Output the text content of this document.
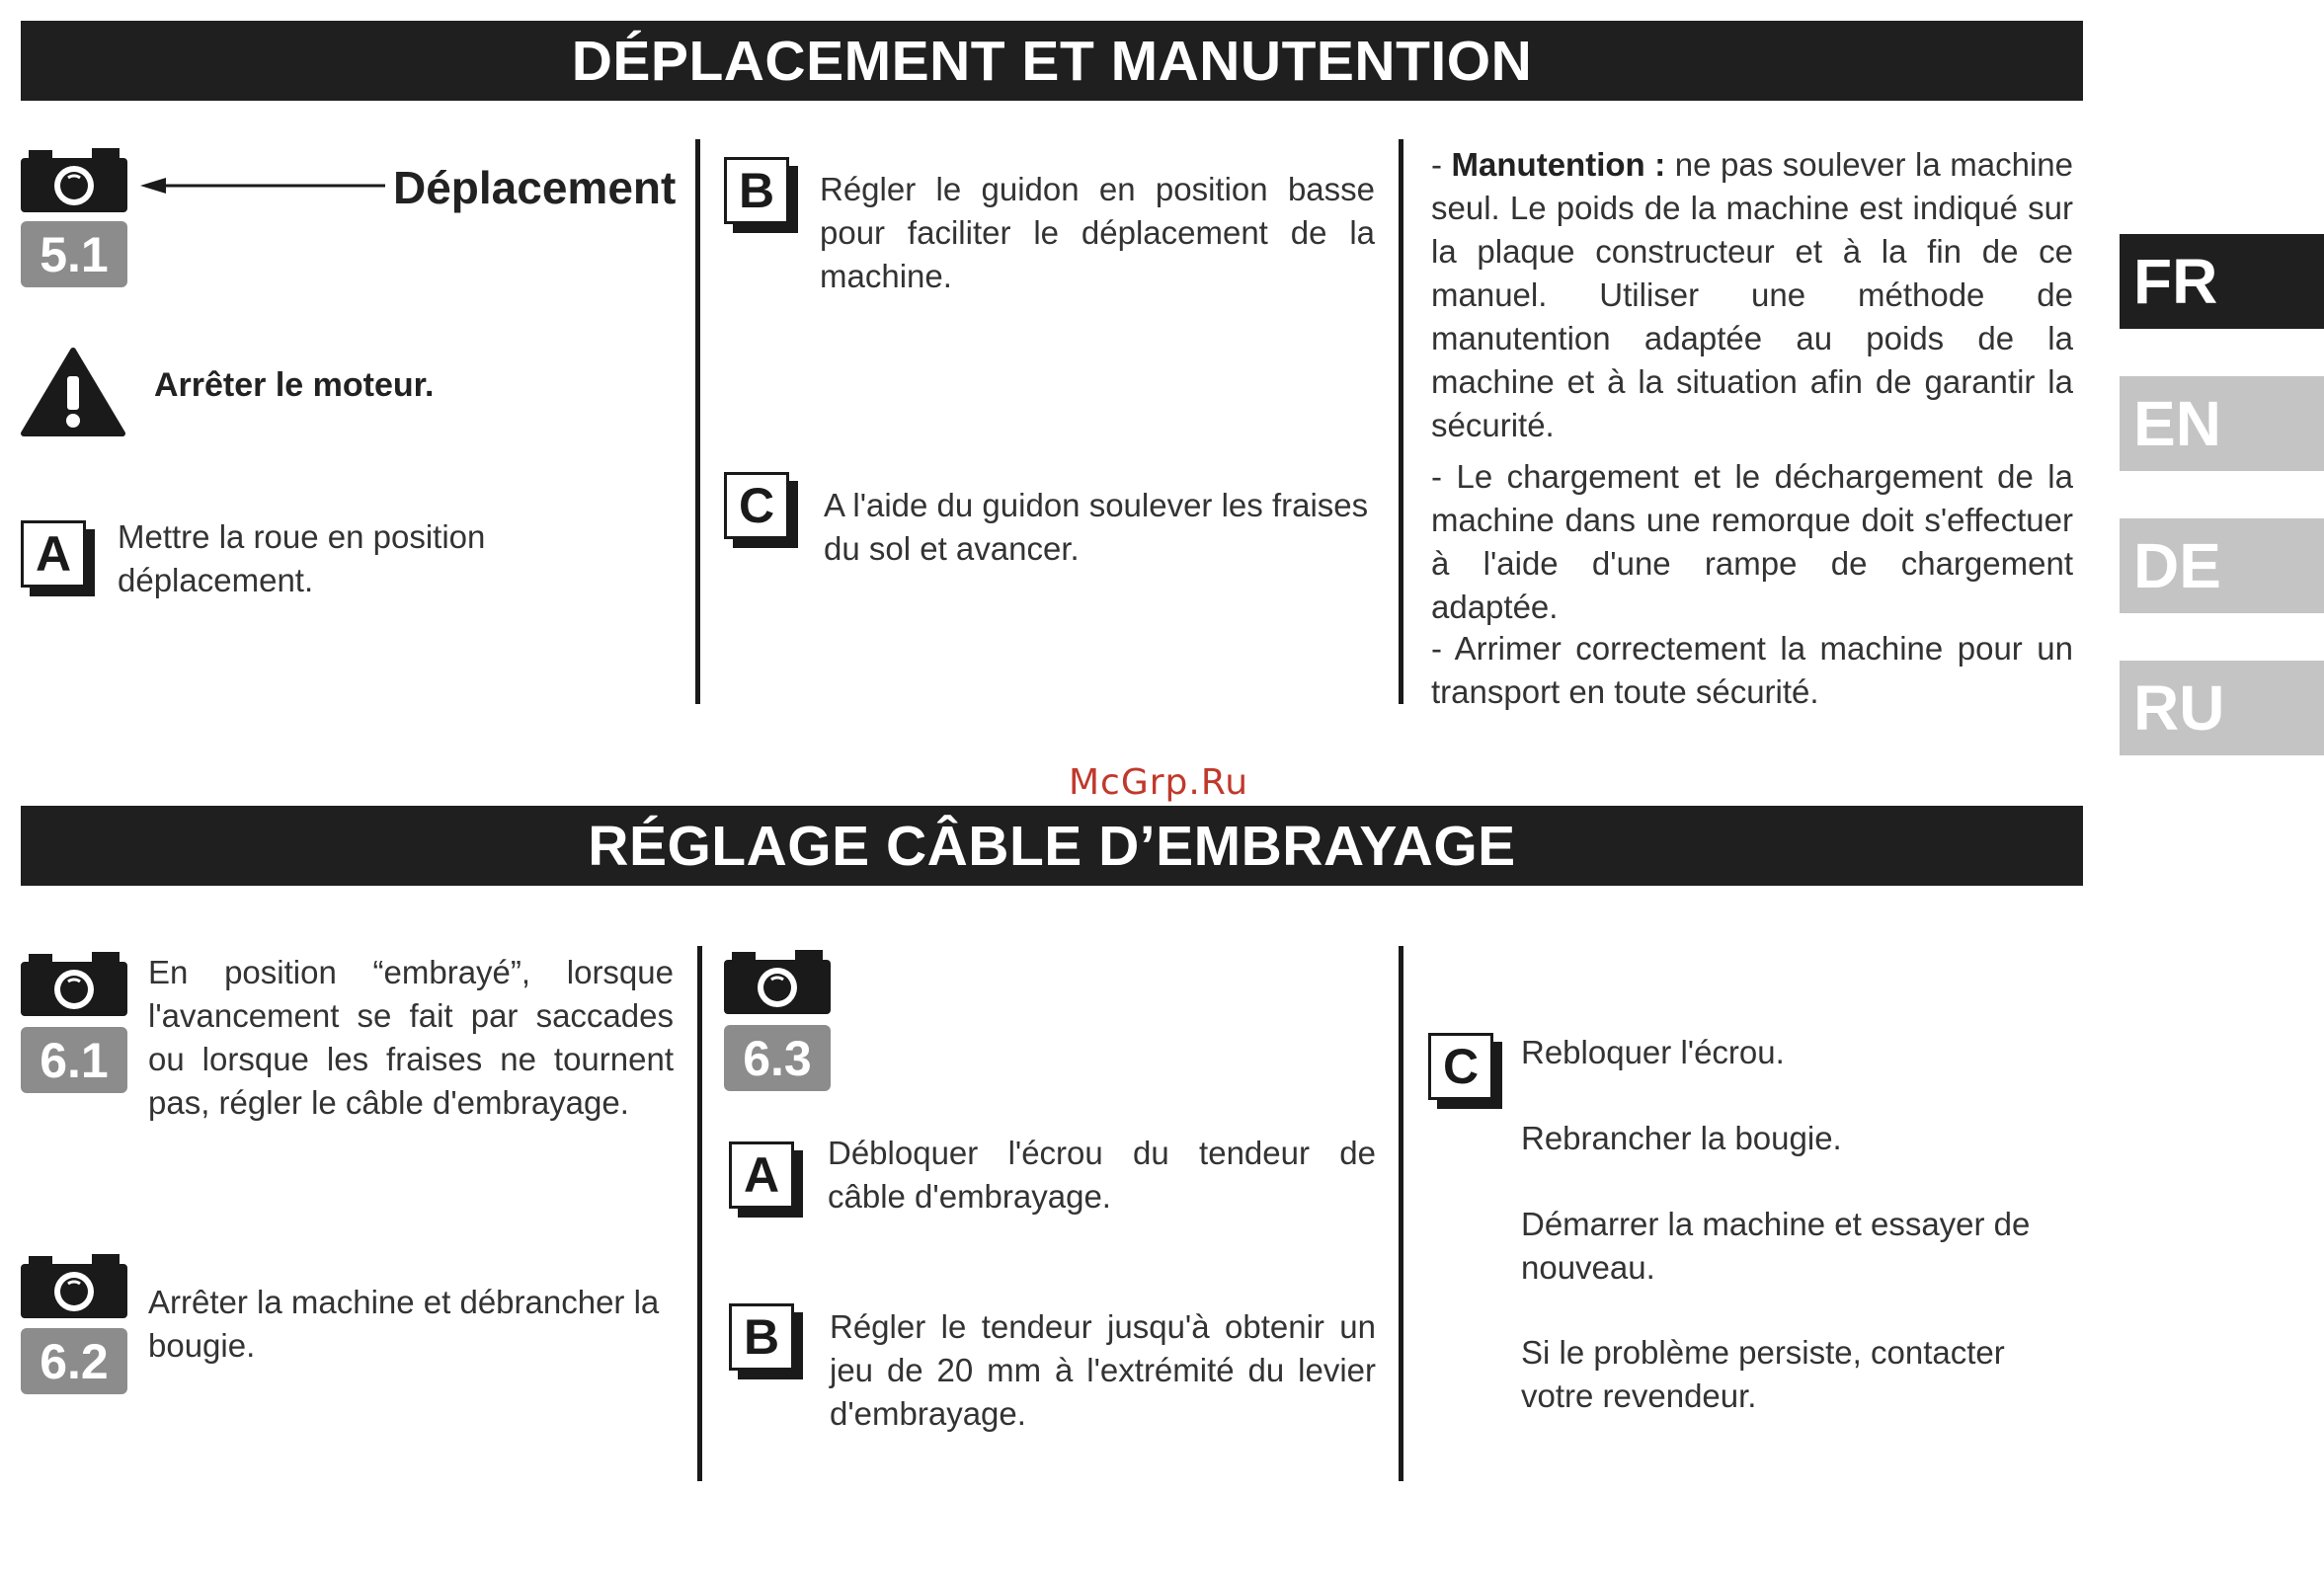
DÉPLACEMENT ET MANUTENTION
5.1
Déplacement
Arrêter le moteur.
A	Mettre la roue en position déplacement.
B	Régler le guidon en position basse pour faciliter le déplacement de la machine.
C	A l'aide du guidon soulever les fraises du sol et avancer.
- Manutention : ne pas soulever la machine seul. Le poids de la machine est indiqué sur la plaque constructeur et à la fin de ce manuel. Utiliser une méthode de manutention adaptée au poids de la machine et à la situation afin de garantir la sécurité.
- Le chargement et le déchargement de la machine dans une remorque doit s'effectuer à l'aide d'une rampe de chargement adaptée.
- Arrimer correctement la machine pour un transport en toute sécurité.
FR
EN
DE
RU
McGrp.Ru
RÉGLAGE CÂBLE D’EMBRAYAGE
6.1
En position “embrayé”, lorsque l'avancement se fait par saccades ou lorsque les fraises ne tournent pas, régler le câble d'embrayage.
6.2
Arrêter la machine et débrancher la bougie.
6.3
A	Débloquer l'écrou du tendeur de câble d'embrayage.
B	Régler le tendeur jusqu'à obtenir un jeu de 20 mm à l'extrémité du levier d'embrayage.
C	Rebloquer l'écrou.
Rebrancher la bougie.
Démarrer la machine et essayer de nouveau.
Si le problème persiste, contacter votre revendeur.
